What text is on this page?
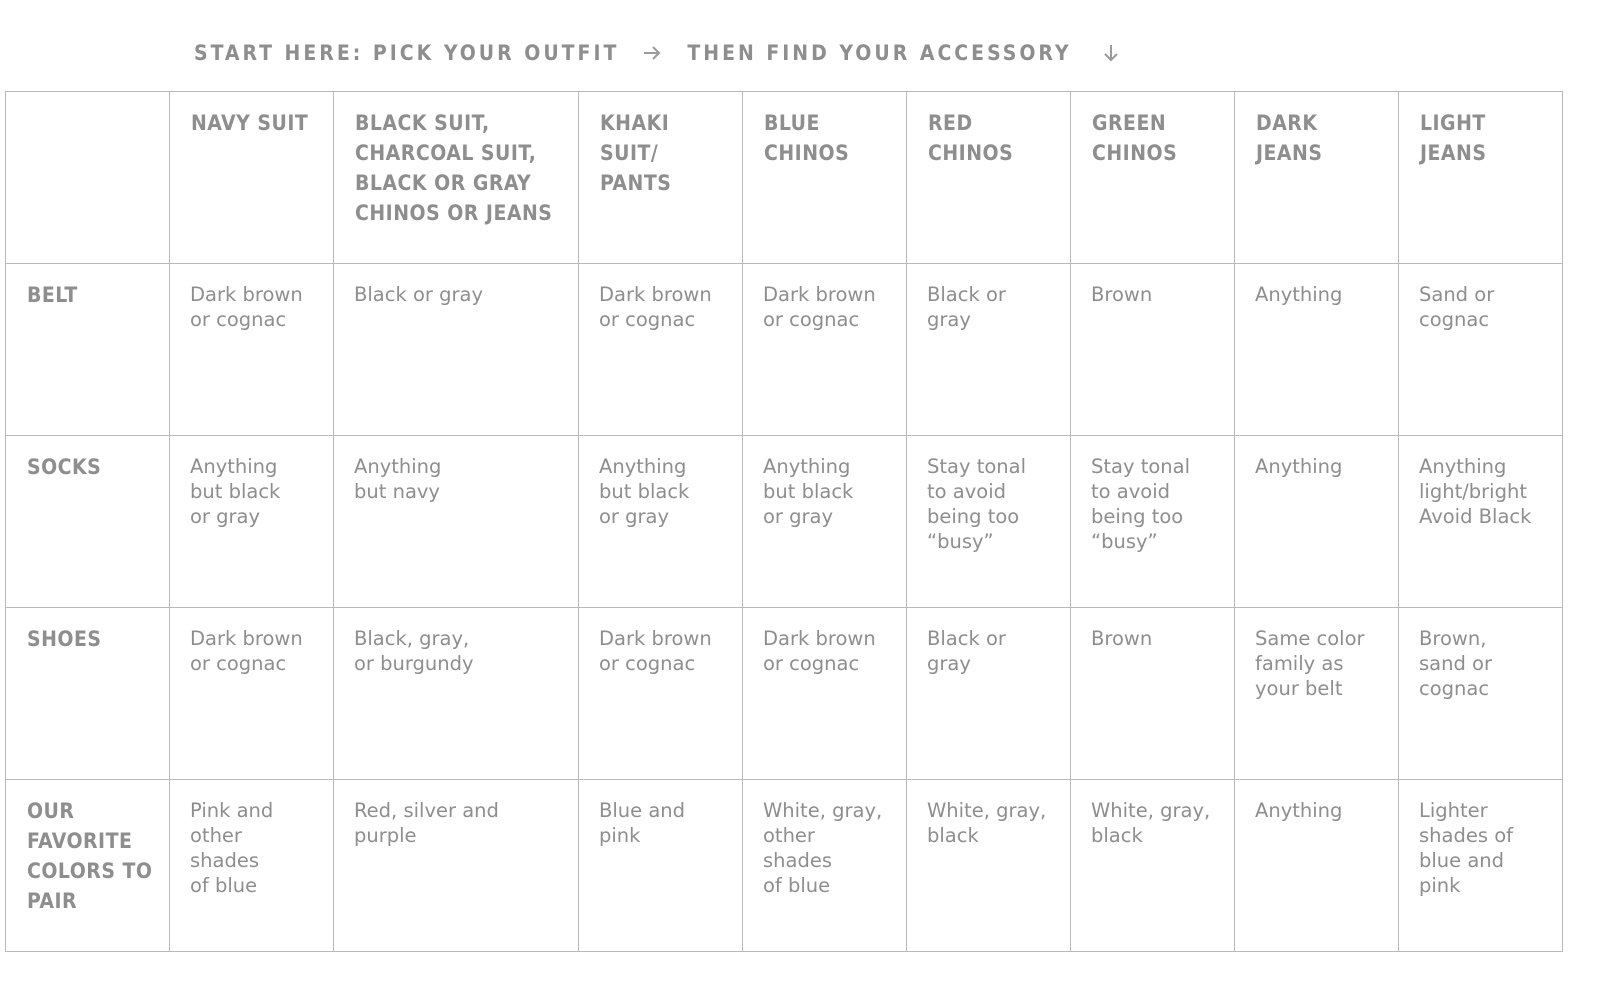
START HERE: PICK YOUR OUTFIT	THEN FIND YOUR ACCESSORY

	NAVY SUIT	BLACK SUIT,
CHARCOAL SUIT,
BLACK OR GRAY
CHINOS OR JEANS	KHAKI SUIT/
PANTS	BLUE
CHINOS	RED
CHINOS	GREEN
CHINOS	DARK
JEANS	LIGHT
JEANS

BELT	Dark brown
or cognac	Black or gray	Dark brown
or cognac	Dark brown
or cognac	Black or
gray	Brown	Anything	Sand or
cognac

SOCKS	Anything
but black
or gray	Anything
but navy	Anything
but black
or gray	Anything
but black
or gray	Stay tonal
to avoid
being too
“busy”	Stay tonal
to avoid
being too
“busy”	Anything	Anything
light/bright
Avoid Black

SHOES	Dark brown
or cognac	Black, gray,
or burgundy	Dark brown
or cognac	Dark brown
or cognac	Black or
gray	Brown	Same color
family as
your belt	Brown,
sand or
cognac

OUR FAVORITE
COLORS TO
PAIR	Pink and
other
shades
of blue	Red, silver and
purple	Blue and
pink	White, gray,
other
shades
of blue	White, gray,
black	White, gray,
black	Anything	Lighter
shades of
blue and
pink
